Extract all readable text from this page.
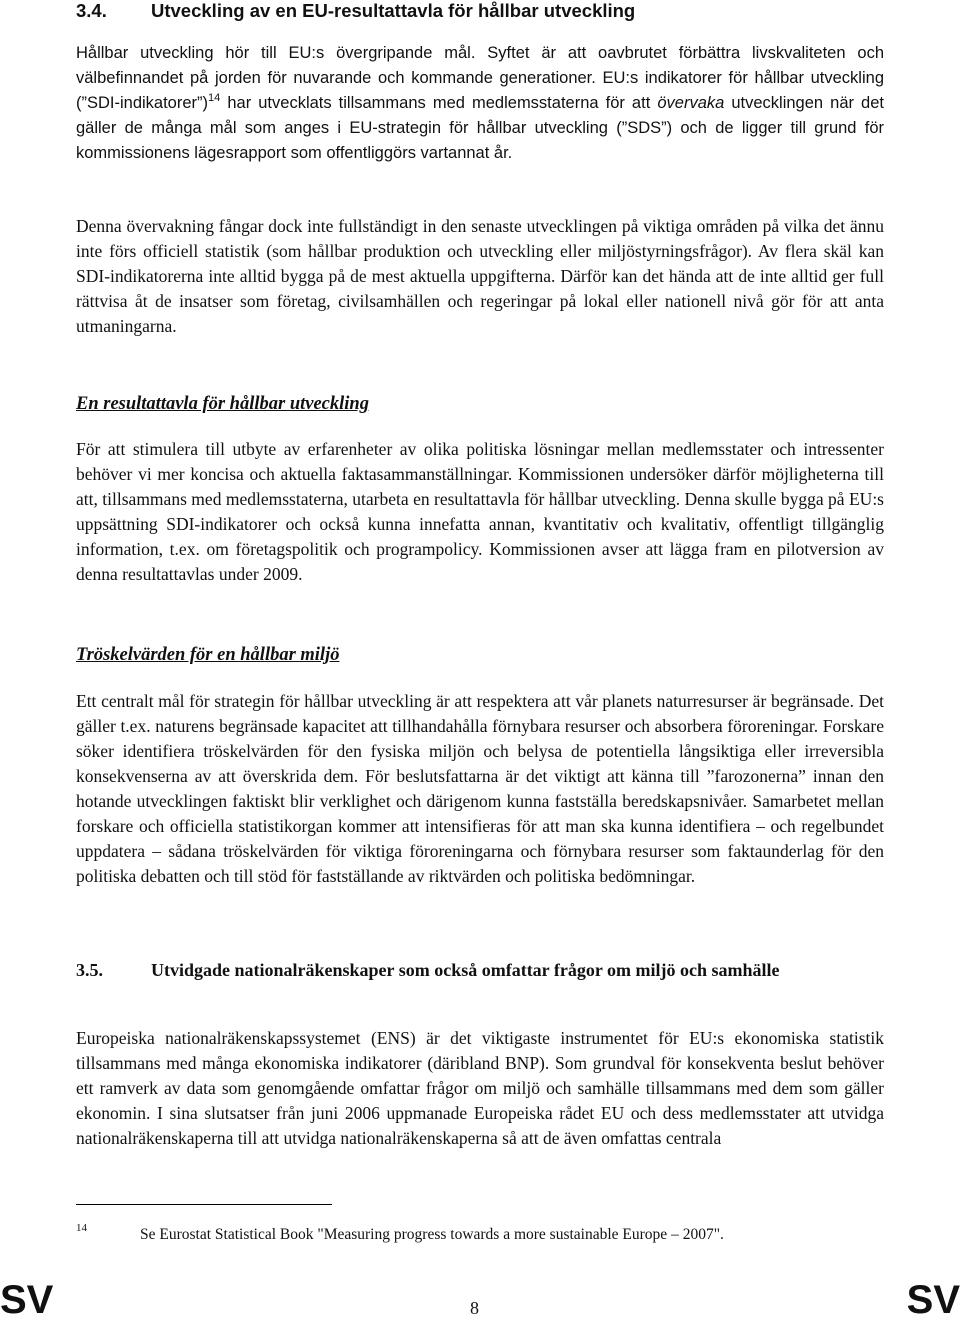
3.4. Utveckling av en EU-resultattavla för hållbar utveckling

Hållbar utveckling hör till EU:s övergripande mål. Syftet är att oavbrutet förbättra livskvaliteten och välbefinnandet på jorden för nuvarande och kommande generationer. EU:s indikatorer för hållbar utveckling (”SDI-indikatorer”)$^{14}$ har utvecklats tillsammans med medlemsstaterna för att övervaka utvecklingen när det gäller de många mål som anges i EU-strategin för hållbar utveckling (”SDS”) och de ligger till grund för kommissionens lägesrapport som offentliggörs vartannat år.

Denna övervakning fångar dock inte fullständigt in den senaste utvecklingen på viktiga områden på vilka det ännu inte förs officiell statistik (som hållbar produktion och utveckling eller miljöstyrningsfrågor). Av flera skäl kan SDI-indikatorerna inte alltid bygga på de mest aktuella uppgifterna. Därför kan det hända att de inte alltid ger full rättvisa åt de insatser som företag, civilsamhällen och regeringar på lokal eller nationell nivå gör för att anta utmaningarna.

En resultattavla för hållbar utveckling

För att stimulera till utbyte av erfarenheter av olika politiska lösningar mellan medlemsstater och intressenter behöver vi mer koncisa och aktuella faktasammanställningar. Kommissionen undersöker därför möjligheterna till att, tillsammans med medlemsstaterna, utarbeta en resultattavla för hållbar utveckling. Denna skulle bygga på EU:s uppsättning SDI-indikatorer och också kunna innefatta annan, kvantitativ och kvalitativ, offentligt tillgänglig information, t.ex. om företagspolitik och programpolicy. Kommissionen avser att lägga fram en pilotversion av denna resultattavlas under 2009.

Tröskelvärden för en hållbar miljö

Ett centralt mål för strategin för hållbar utveckling är att respektera att vår planets naturresurser är begränsade. Det gäller t.ex. naturens begränsade kapacitet att tillhandahålla förnybara resurser och absorbera föroreningar. Forskare söker identifiera tröskelvärden för den fysiska miljön och belysa de potentiella långsiktiga eller irreversibla konsekvenserna av att överskrida dem. För beslutsfattarna är det viktigt att känna till ”farozonerna” innan den hotande utvecklingen faktiskt blir verklighet och därigenom kunna fastställa beredskapsnivåer. Samarbetet mellan forskare och officiella statistikorgan kommer att intensifieras för att man ska kunna identifiera – och regelbundet uppdatera – sådana tröskelvärden för viktiga föroreningarna och förnybara resurser som faktaunderlag för den politiska debatten och till stöd för fastställande av riktvärden och politiska bedömningar.

3.5.	Utvidgade nationalräkenskaper som också omfattar frågor om miljö och samhälle

Europeiska nationalräkenskapssystemet (ENS) är det viktigaste instrumentet för EU:s ekonomiska statistik tillsammans med många ekonomiska indikatorer (däribland BNP). Som grundval för konsekventa beslut behöver ett ramverk av data som genomgående omfattar frågor om miljö och samhälle tillsammans med dem som gäller ekonomin. I sina slutsatser från juni 2006 uppmanade Europeiska rådet EU och dess medlemsstater att utvidga nationalräkenskaperna till att utvidga nationalräkenskaperna så att de även omfattas centrala

14	Se Eurostat Statistical Book "Measuring progress towards a more sustainable Europe – 2007".
SV	8	SV
